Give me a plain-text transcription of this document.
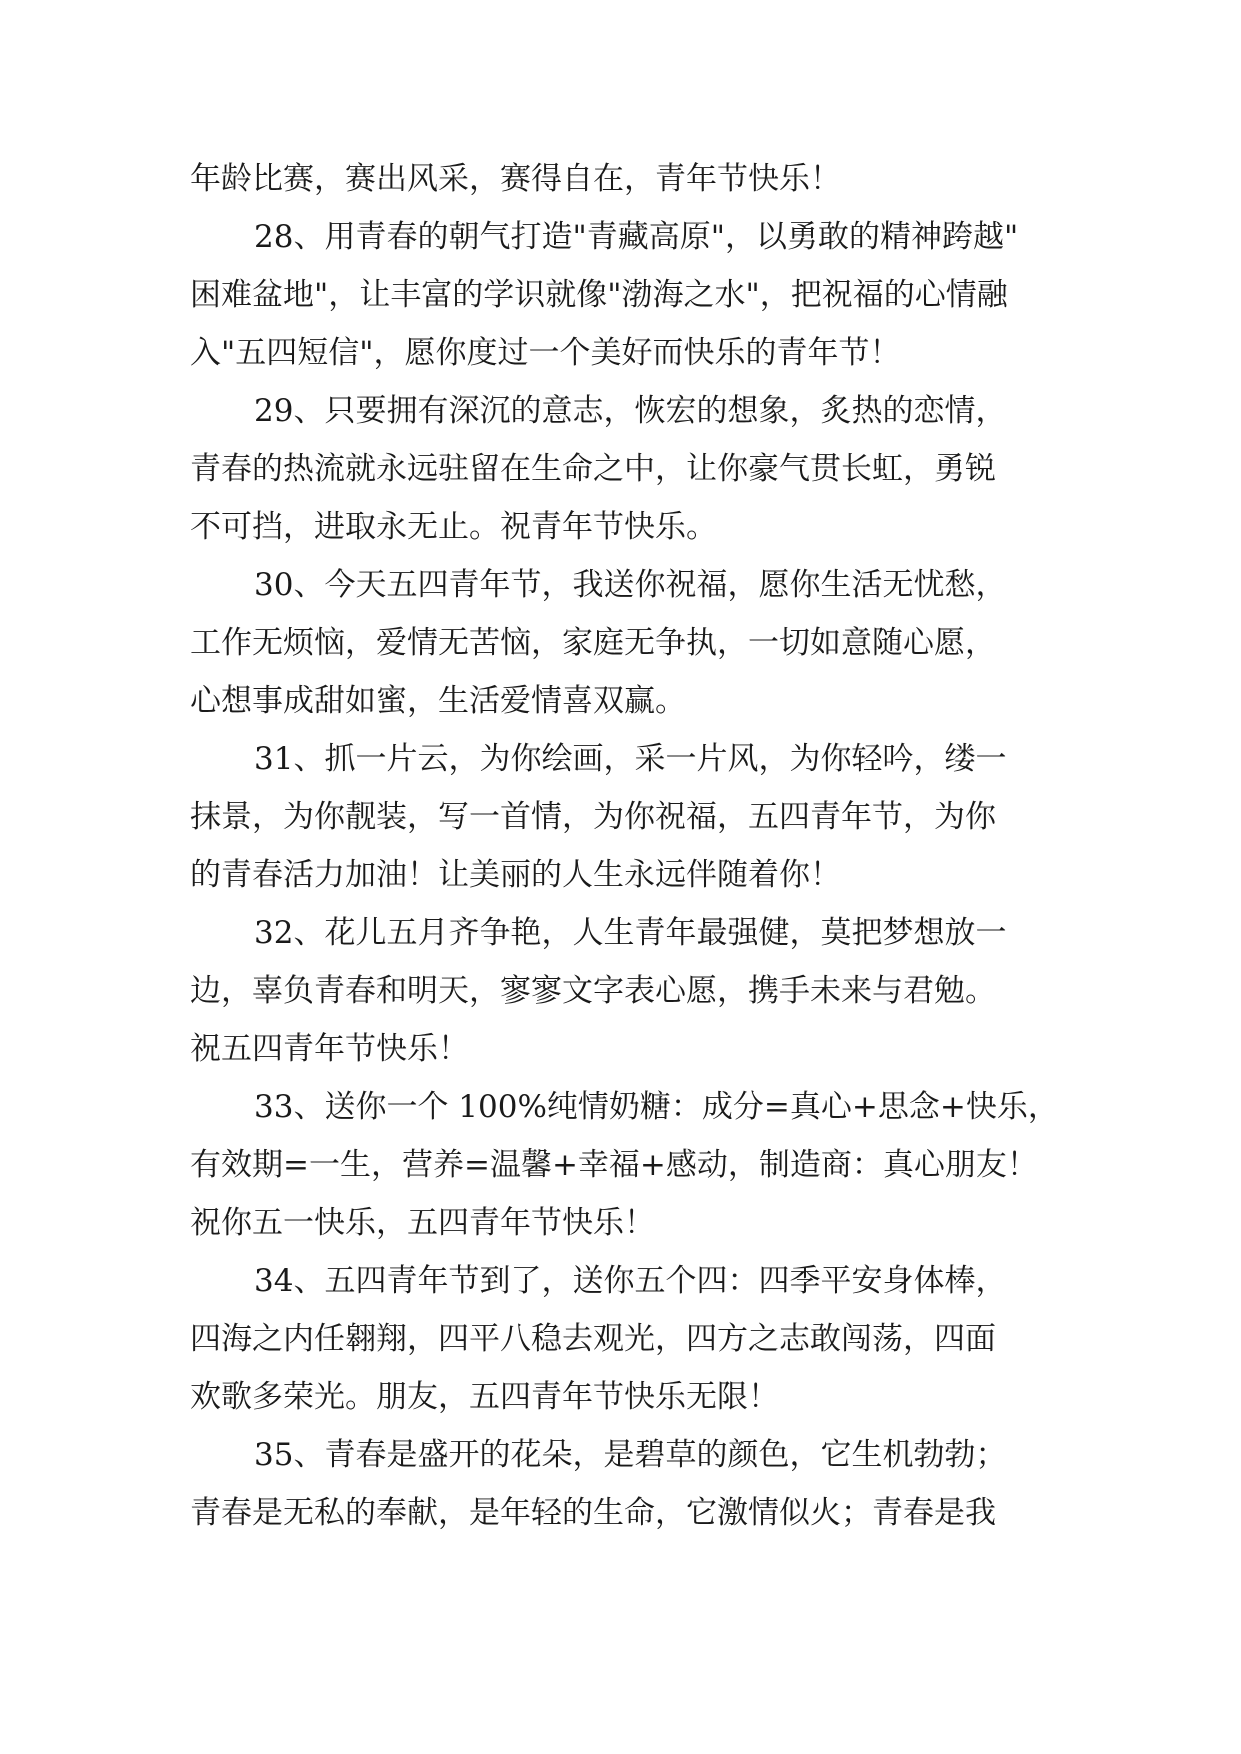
年龄比赛，赛出风采，赛得自在，青年节快乐！
28、用青春的朝气打造"青藏高原"，以勇敢的精神跨越"
困难盆地"，让丰富的学识就像"渤海之水"，把祝福的心情融
入"五四短信"，愿你度过一个美好而快乐的青年节！
29、只要拥有深沉的意志，恢宏的想象，炙热的恋情，
青春的热流就永远驻留在生命之中，让你豪气贯长虹，勇锐
不可挡，进取永无止。祝青年节快乐。
30、今天五四青年节，我送你祝福，愿你生活无忧愁，
工作无烦恼，爱情无苦恼，家庭无争执，一切如意随心愿，
心想事成甜如蜜，生活爱情喜双赢。
31、抓一片云，为你绘画，采一片风，为你轻吟，缕一
抹景，为你靓装，写一首情，为你祝福，五四青年节，为你
的青春活力加油！让美丽的人生永远伴随着你！
32、花儿五月齐争艳，人生青年最强健，莫把梦想放一
边，辜负青春和明天，寥寥文字表心愿，携手未来与君勉。
祝五四青年节快乐！
33、送你一个 100%纯情奶糖：成分=真心+思念+快乐，
有效期=一生，营养=温馨+幸福+感动，制造商：真心朋友！
祝你五一快乐，五四青年节快乐！
34、五四青年节到了，送你五个四：四季平安身体棒，
四海之内任翱翔，四平八稳去观光，四方之志敢闯荡，四面
欢歌多荣光。朋友，五四青年节快乐无限！
35、青春是盛开的花朵，是碧草的颜色，它生机勃勃；
青春是无私的奉献，是年轻的生命，它激情似火；青春是我
